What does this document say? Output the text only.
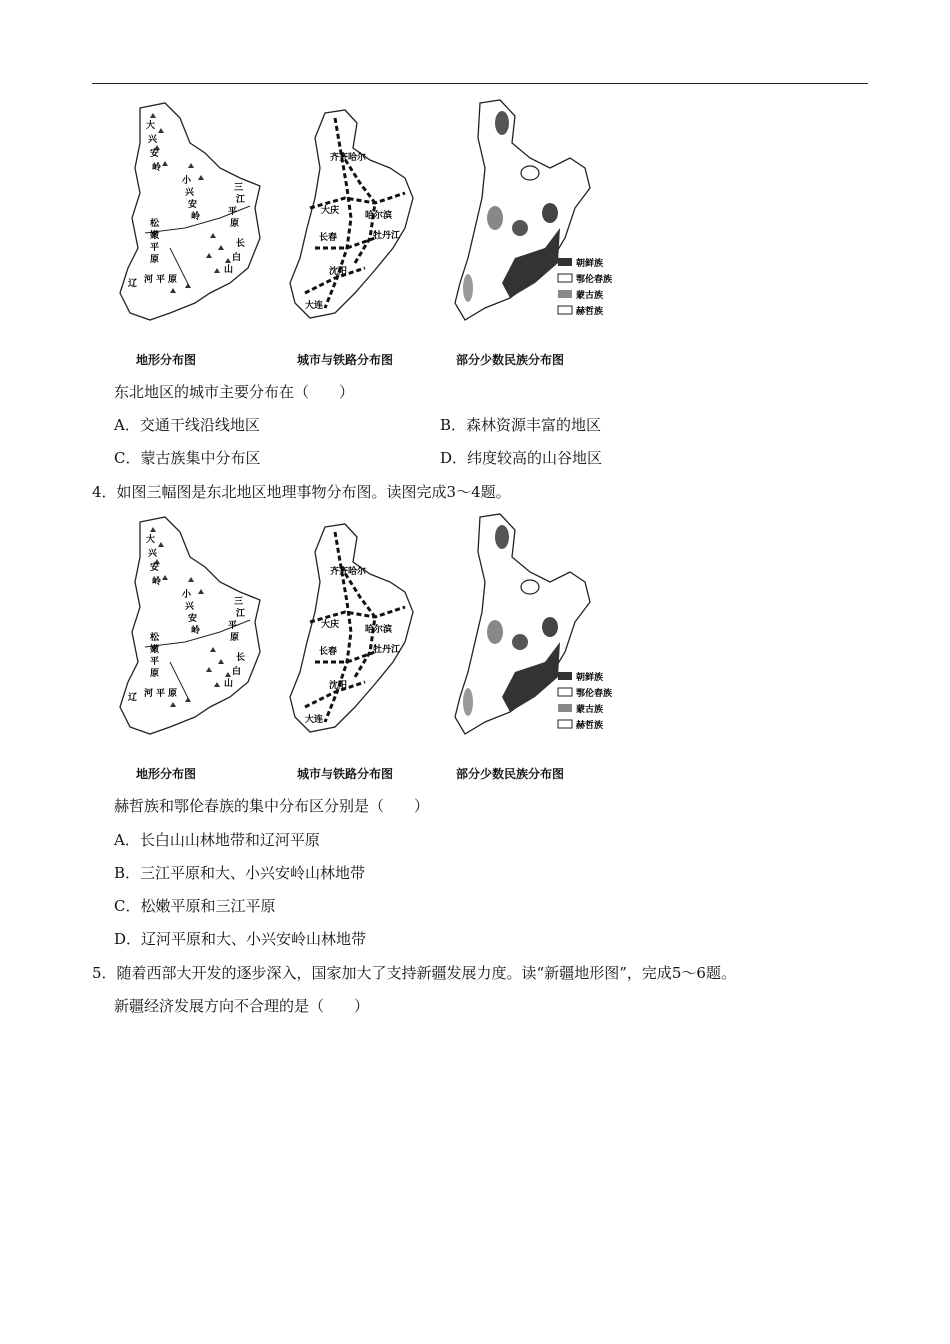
大
兴
安
岭
小
兴
安
岭
松
嫩
平
原
三
江
平
原
长
白
山
辽 河 平 原
地形分布图
齐齐哈尔
大庆	哈尔滨
长春	牡丹江
沈阳
大连
城市与铁路分布图
朝鲜族
鄂伦春族
蒙古族
赫哲族
部分少数民族分布图
东北地区的城市主要分布在（　　）
A．交通干线沿线地区	B．森林资源丰富的地区
C．蒙古族集中分布区	D．纬度较高的山谷地区
4．如图三幅图是东北地区地理事物分布图。读图完成3～4题。
大
兴
安
岭
小
兴
安
岭
松
嫩
平
原
三
江
平
原
长
白
山
辽 河 平 原
地形分布图
齐齐哈尔
大庆	哈尔滨
长春	牡丹江
沈阳
大连
城市与铁路分布图
朝鲜族
鄂伦春族
蒙古族
赫哲族
部分少数民族分布图
赫哲族和鄂伦春族的集中分布区分别是（　　）
A．长白山山林地带和辽河平原
B．三江平原和大、小兴安岭山林地带
C．松嫩平原和三江平原
D．辽河平原和大、小兴安岭山林地带
5．随着西部大开发的逐步深入，国家加大了支持新疆发展力度。读“新疆地形图”，完成5～6题。
新疆经济发展方向不合理的是（　　）
